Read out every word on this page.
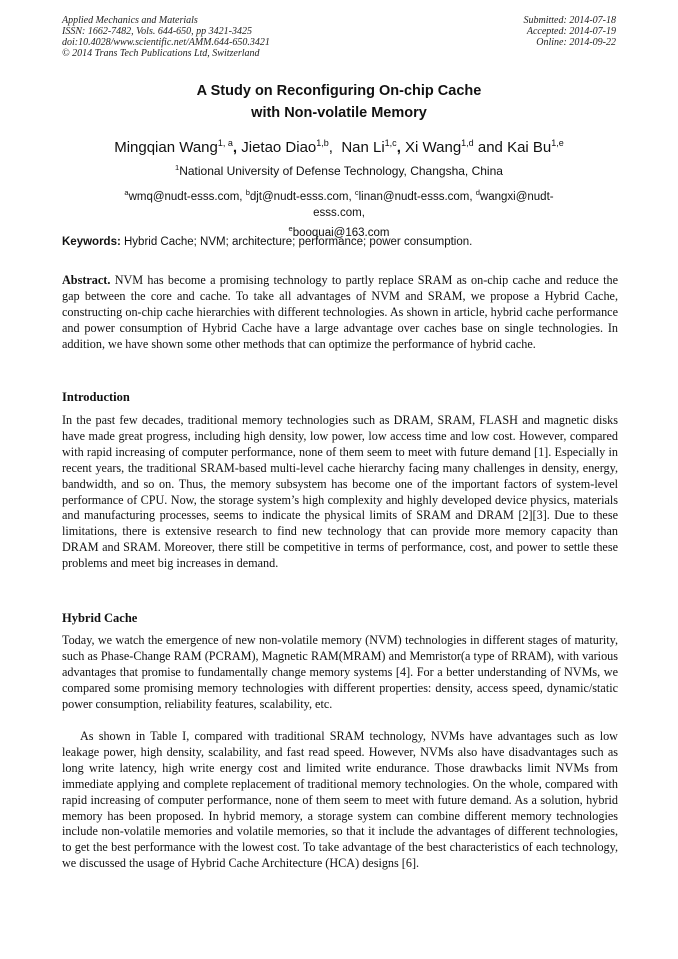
Applied Mechanics and Materials
ISSN: 1662-7482, Vols. 644-650, pp 3421-3425
doi:10.4028/www.scientific.net/AMM.644-650.3421
© 2014 Trans Tech Publications Ltd, Switzerland
Submitted: 2014-07-18
Accepted: 2014-07-19
Online: 2014-09-22
A Study on Reconfiguring On-chip Cache
with Non-volatile Memory
Mingqian Wang$^{1, a}$, Jietao Diao$^{1,b}$,  Nan Li$^{1,c}$, Xi Wang$^{1,d}$ and Kai Bu$^{1,e}$
$^1$National University of Defense Technology, Changsha, China
$^a$wmq@nudt-esss.com, $^b$djt@nudt-esss.com, $^c$linan@nudt-esss.com, $^d$wangxi@nudt-esss.com,
$^e$booquai@163.com
Keywords: Hybrid Cache; NVM; architecture; performance; power consumption.
Abstract. NVM has become a promising technology to partly replace SRAM as on-chip cache and reduce the gap between the core and cache. To take all advantages of NVM and SRAM, we propose a Hybrid Cache, constructing on-chip cache hierarchies with different technologies. As shown in article, hybrid cache performance and power consumption of Hybrid Cache have a large advantage over caches base on single technologies. In addition, we have shown some other methods that can optimize the performance of hybrid cache.
Introduction
In the past few decades, traditional memory technologies such as DRAM, SRAM, FLASH and magnetic disks have made great progress, including high density, low power, low access time and low cost. However, compared with rapid increasing of computer performance, none of them seem to meet with future demand [1]. Especially in recent years, the traditional SRAM-based multi-level cache hierarchy facing many challenges in density, energy, bandwidth, and so on. Thus, the memory subsystem has become one of the important factors of system-level performance of CPU. Now, the storage system’s high complexity and highly developed device physics, materials and manufacturing processes, seems to indicate the physical limits of SRAM and DRAM [2][3]. Due to these limitations, there is extensive research to find new technology that can provide more memory capacity than DRAM and SRAM. Moreover, there still be competitive in terms of performance, cost, and power to settle these problems and meet big increases in demand.
Hybrid Cache
Today, we watch the emergence of new non-volatile memory (NVM) technologies in different stages of maturity, such as Phase-Change RAM (PCRAM), Magnetic RAM(MRAM) and Memristor(a type of RRAM), with various advantages that promise to fundamentally change memory systems [4]. For a better understanding of NVMs, we compared some promising memory technologies with different properties: density, access speed, dynamic/static power consumption, reliability features, scalability, etc.
As shown in Table I, compared with traditional SRAM technology, NVMs have advantages such as low leakage power, high density, scalability, and fast read speed. However, NVMs also have disadvantages such as long write latency, high write energy cost and limited write endurance. Those drawbacks limit NVMs from immediate applying and complete replacement of traditional memory technologies. On the whole, compared with rapid increasing of computer performance, none of them seem to meet with future demand. As a solution, hybrid memory has been proposed. In hybrid memory, a storage system can combine different memory technologies include non-volatile memories and volatile memories, so that it include the advantages of different technologies, to get the best performance with the lowest cost. To take advantage of the best characteristics of each technology, we discussed the usage of Hybrid Cache Architecture (HCA) designs [6].
